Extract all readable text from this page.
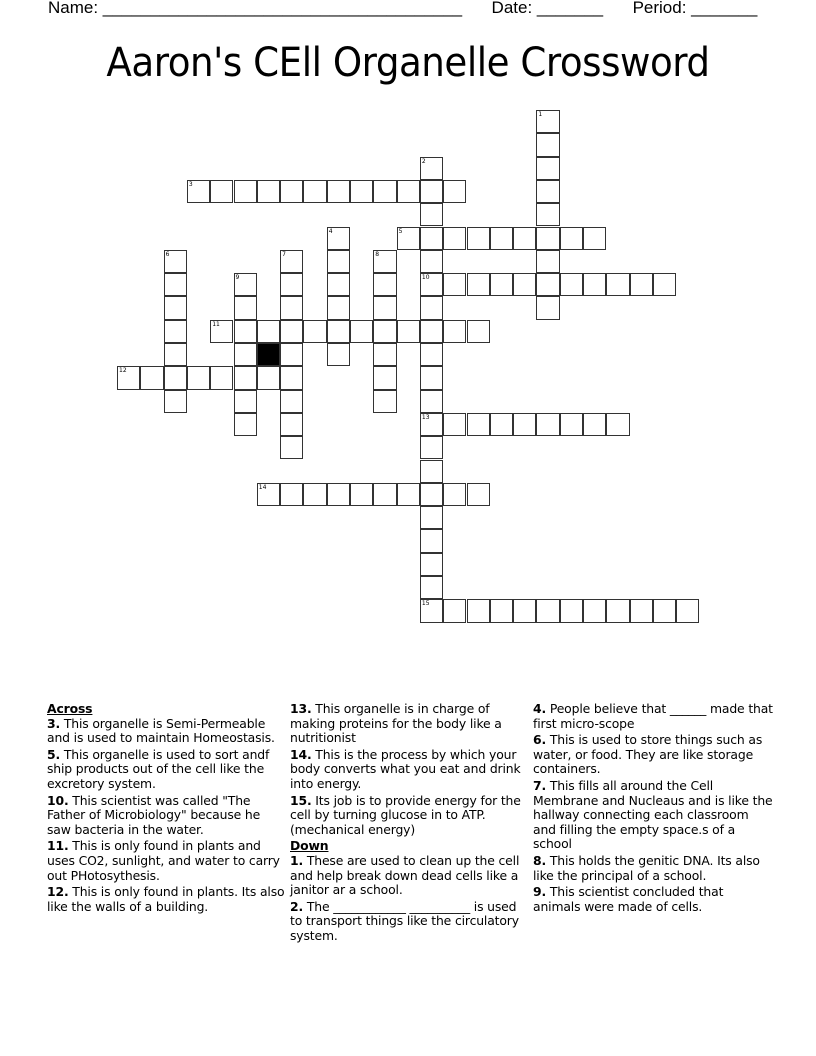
Name: ______________________________________ Date: _______ Period: _______
Aaron's CEll Organelle Crossword
1
2
10
13
15
3
4	5
6	7	8
9
11
12
14
Across
3. This organelle is Semi-Permeable and is used to maintain Homeostasis.
5. This organelle is used to sort andf ship products out of the cell like the excretory system.
10. This scientist was called "The Father of Microbiology" because he saw bacteria in the water.
11. This is only found in plants and uses CO2, sunlight, and water to carry out PHotosythesis.
12. This is only found in plants. Its also like the walls of a building.
13. This organelle is in charge of making proteins for the body like a nutritionist
14. This is the process by which your body converts what you eat and drink into energy.
15. Its job is to provide energy for the cell by turning glucose in to ATP. (mechanical energy)
Down
1. These are used to clean up the cell and help break down dead cells like a janitor ar a school.
2. The ____________ __________ is used to transport things like the circulatory system.
4. People believe that ______ made that first micro-scope
6. This is used to store things such as water, or food. They are like storage containers.
7. This fills all around the Cell Membrane and Nucleaus and is like the hallway connecting each classroom and filling the empty space.s of a school
8. This holds the genitic DNA. Its also like the principal of a school.
9. This scientist concluded that animals were made of cells.
